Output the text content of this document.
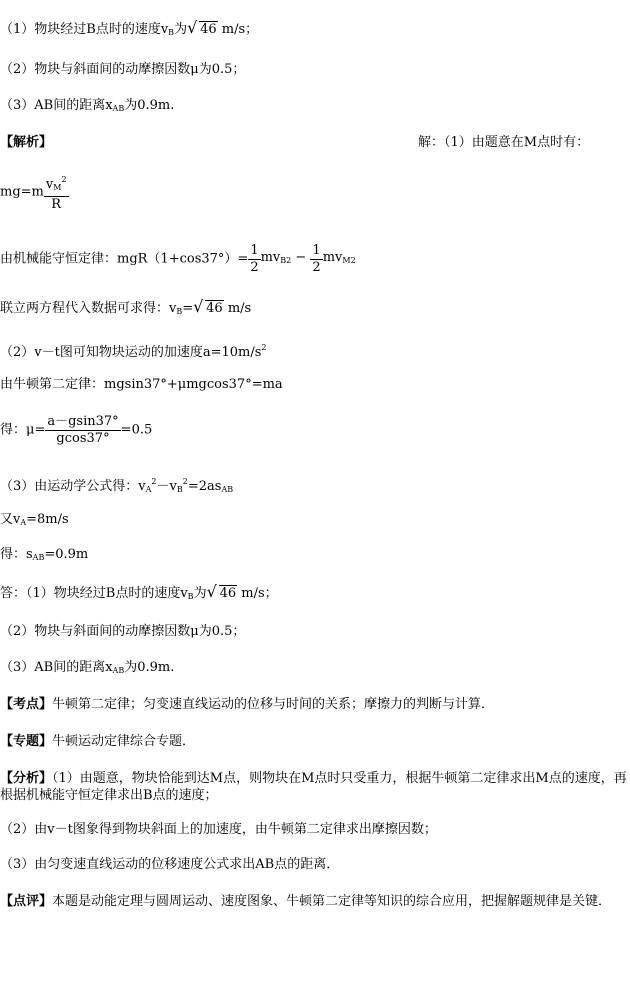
（1）物块经过B点时的速度$v_B$为 √ 46 m/s；
（2）物块与斜面间的动摩擦因数μ为0.5；
（3）AB间的距离$x_{AB}$为0.9m.
【解析】	解：（1）由题意在M点时有：
$mg=m \frac{v_M^2}{R}$
由机械能守恒定律：$mgR(1+\cos 37^\circ)= \frac{1}{2} mv_{B2} - \frac{1}{2} mv_{M2}$
联立两方程代入数据可求得：$v_B=$ √ 46 m/s
（2）v－t图可知物块运动的加速度$a=10m/s^2$
由牛顿第二定律：mgsin37°+μmgcos37°=ma
得：$\mu= \frac{a-gsin37^\circ}{gcos37^\circ} =0.5$
（3）由运动学公式得：$v_A^2-v_B^2=2as_{AB}$
又$v_A=8m/s$
得：$s_{AB}=0.9m$
答：（1）物块经过B点时的速度$v_B$为 √ 46 m/s；
（2）物块与斜面间的动摩擦因数μ为0.5；
（3）AB间的距离$x_{AB}$为0.9m.
【考点】牛顿第二定律；匀变速直线运动的位移与时间的关系；摩擦力的判断与计算．
【专题】牛顿运动定律综合专题．
【分析】（1）由题意，物块恰能到达M点，则物块在M点时只受重力，根据牛顿第二定律求出M点的速度，再根据机械能守恒定律求出B点的速度；
（2）由v－t图象得到物块斜面上的加速度，由牛顿第二定律求出摩擦因数；
（3）由匀变速直线运动的位移速度公式求出AB点的距离．
【点评】本题是动能定理与圆周运动、速度图象、牛顿第二定律等知识的综合应用，把握解题规律是关键．
